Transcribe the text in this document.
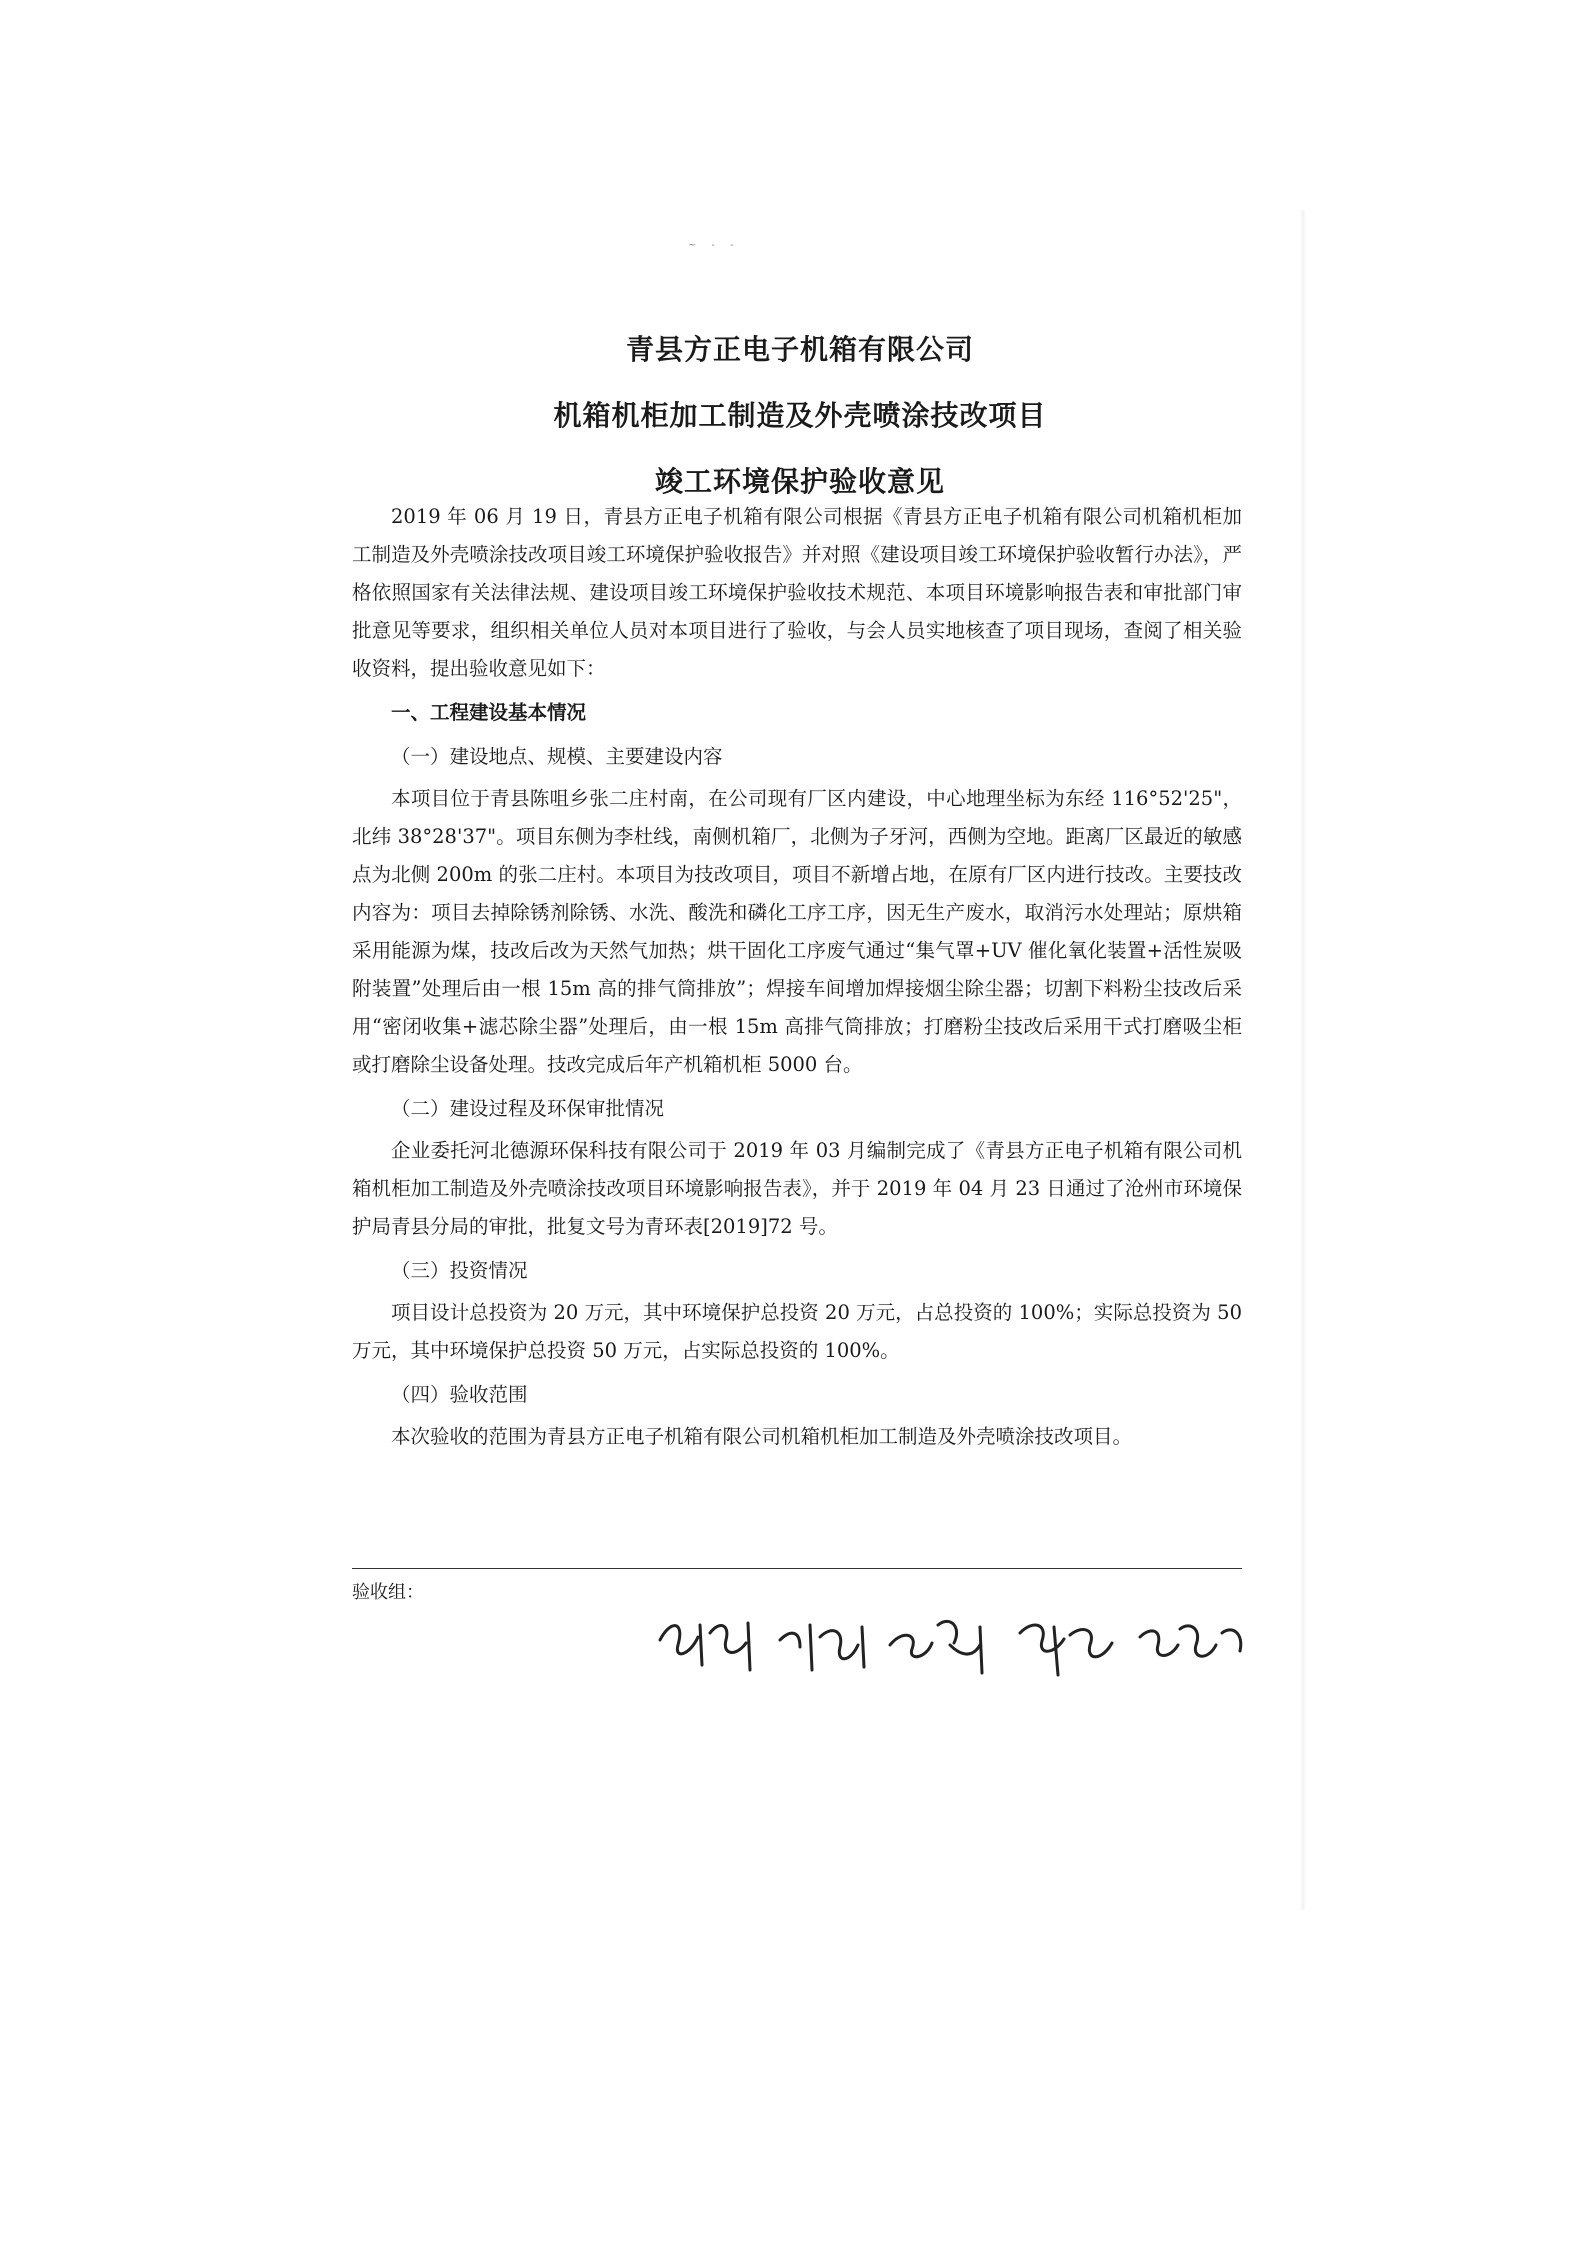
~ - -
青县方正电子机箱有限公司
机箱机柜加工制造及外壳喷涂技改项目
竣工环境保护验收意见

2019 年 06 月 19 日，青县方正电子机箱有限公司根据《青县方正电子机箱有限公司机箱机柜加工制造及外壳喷涂技改项目竣工环境保护验收报告》并对照《建设项目竣工环境保护验收暂行办法》，严格依照国家有关法律法规、建设项目竣工环境保护验收技术规范、本项目环境影响报告表和审批部门审批意见等要求，组织相关单位人员对本项目进行了验收，与会人员实地核查了项目现场，查阅了相关验收资料，提出验收意见如下：

一、工程建设基本情况
（一）建设地点、规模、主要建设内容

本项目位于青县陈咀乡张二庄村南，在公司现有厂区内建设，中心地理坐标为东经 116°52'25"，北纬 38°28'37"。项目东侧为李杜线，南侧机箱厂，北侧为子牙河，西侧为空地。距离厂区最近的敏感点为北侧 200m 的张二庄村。本项目为技改项目，项目不新增占地，在原有厂区内进行技改。主要技改内容为：项目去掉除锈剂除锈、水洗、酸洗和磷化工序工序，因无生产废水，取消污水处理站；原烘箱采用能源为煤，技改后改为天然气加热；烘干固化工序废气通过“集气罩+UV 催化氧化装置+活性炭吸附装置”处理后由一根 15m 高的排气筒排放”；焊接车间增加焊接烟尘除尘器；切割下料粉尘技改后采用“密闭收集+滤芯除尘器”处理后，由一根 15m 高排气筒排放；打磨粉尘技改后采用干式打磨吸尘柜或打磨除尘设备处理。技改完成后年产机箱机柜 5000 台。

（二）建设过程及环保审批情况

企业委托河北德源环保科技有限公司于 2019 年 03 月编制完成了《青县方正电子机箱有限公司机箱机柜加工制造及外壳喷涂技改项目环境影响报告表》，并于 2019 年 04 月 23 日通过了沧州市环境保护局青县分局的审批，批复文号为青环表[2019]72 号。

（三）投资情况

项目设计总投资为 20 万元，其中环境保护总投资 20 万元，占总投资的 100%；实际总投资为 50 万元，其中环境保护总投资 50 万元，占实际总投资的 100%。

（四）验收范围

本次验收的范围为青县方正电子机箱有限公司机箱机柜加工制造及外壳喷涂技改项目。

验收组：
